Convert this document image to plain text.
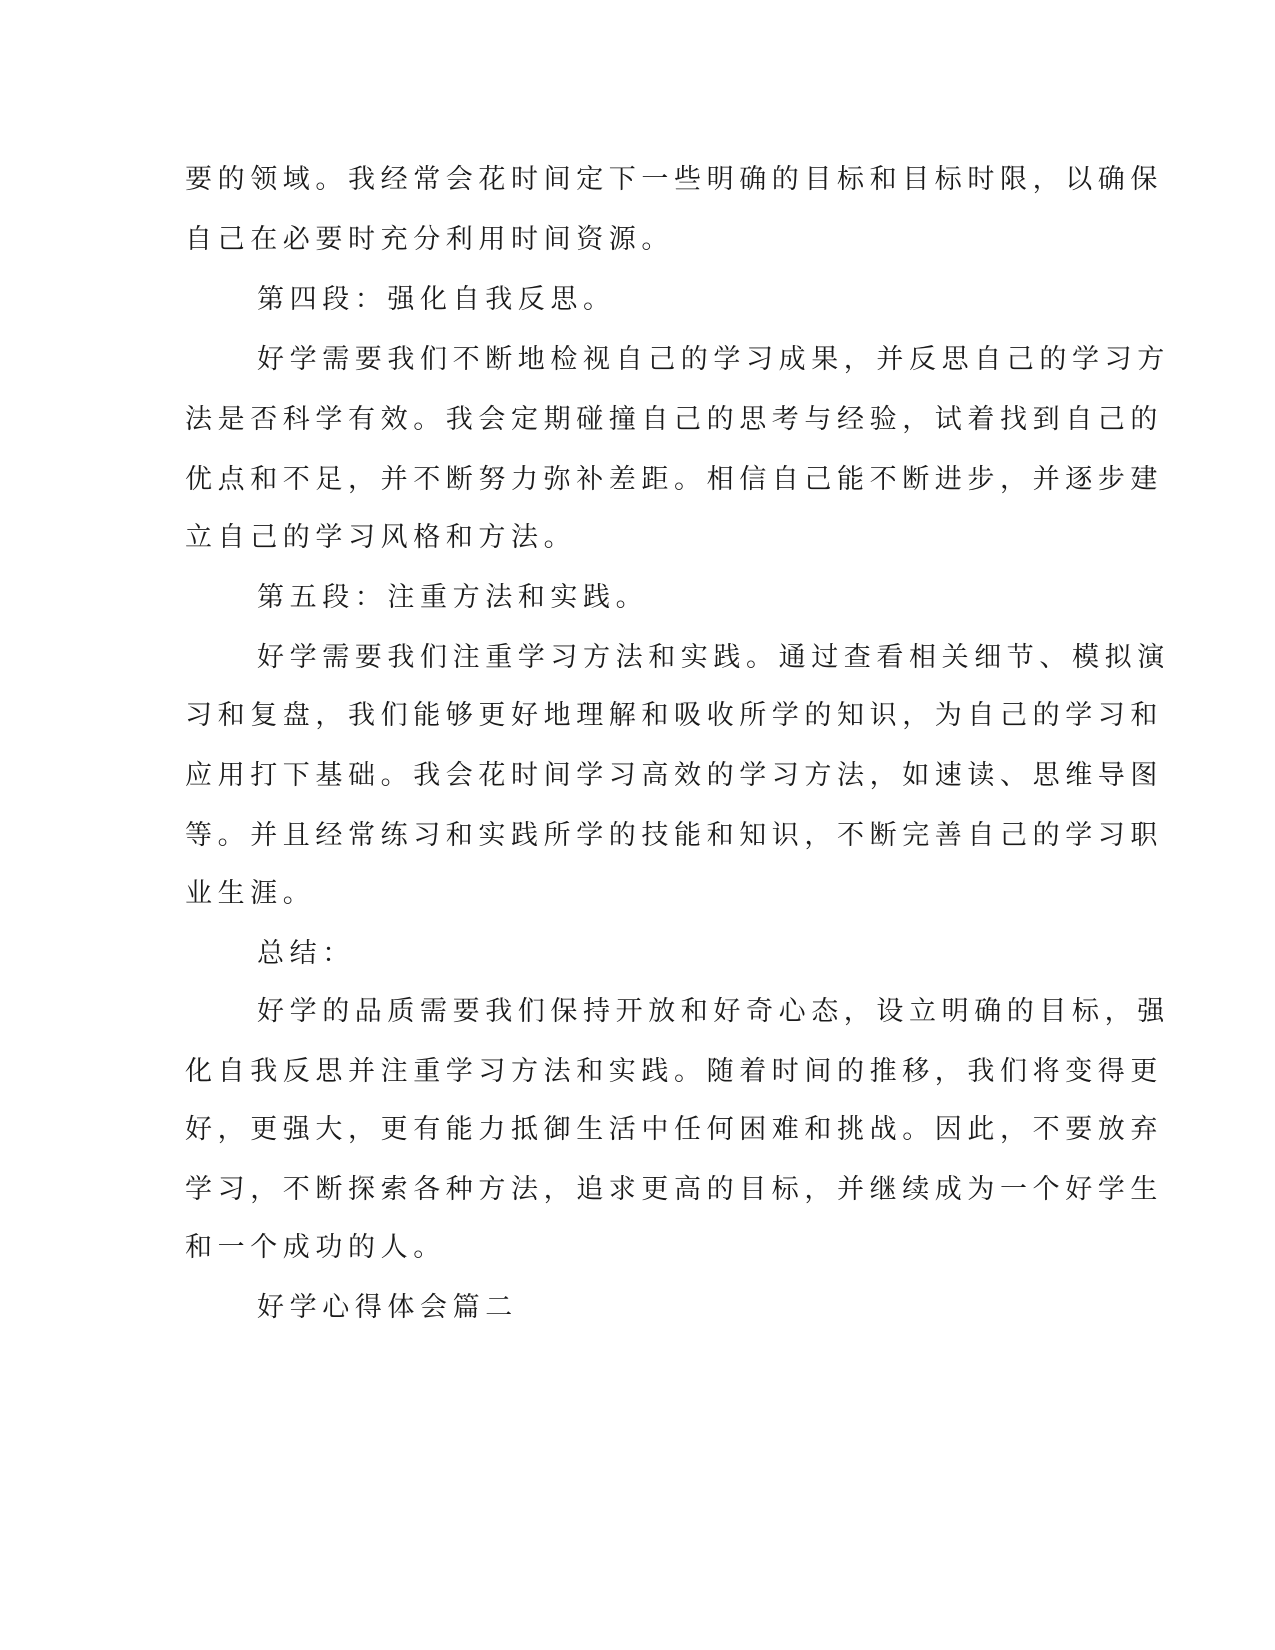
要的领域。我经常会花时间定下一些明确的目标和目标时限，以确保
自己在必要时充分利用时间资源。
第四段：强化自我反思。
好学需要我们不断地检视自己的学习成果，并反思自己的学习方
法是否科学有效。我会定期碰撞自己的思考与经验，试着找到自己的
优点和不足，并不断努力弥补差距。相信自己能不断进步，并逐步建
立自己的学习风格和方法。
第五段：注重方法和实践。
好学需要我们注重学习方法和实践。通过查看相关细节、模拟演
习和复盘，我们能够更好地理解和吸收所学的知识，为自己的学习和
应用打下基础。我会花时间学习高效的学习方法，如速读、思维导图
等。并且经常练习和实践所学的技能和知识，不断完善自己的学习职
业生涯。
总结：
好学的品质需要我们保持开放和好奇心态，设立明确的目标，强
化自我反思并注重学习方法和实践。随着时间的推移，我们将变得更
好，更强大，更有能力抵御生活中任何困难和挑战。因此，不要放弃
学习，不断探索各种方法，追求更高的目标，并继续成为一个好学生
和一个成功的人。
好学心得体会篇二
